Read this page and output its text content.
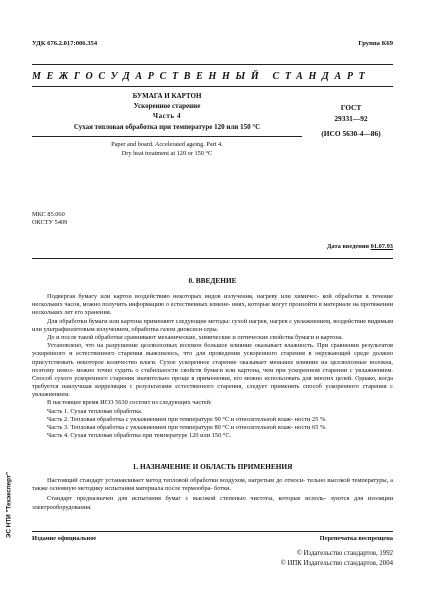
УДК 676.2.017:006.354	Группа К69
МЕЖГОСУДАРСТВЕННЫЙ СТАНДАРТ
БУМАГА И КАРТОН
Ускоренное старение
Часть 4
Сухая тепловая обработка при температуре 120 или 150 °С
ГОСТ
29331—92
(ИСО 5630-4—86)
Paper and board. Accelerated ageing. Part 4.
Dry heat treatment at 120 or 150 °C
МКС 85.060
ОКСТУ 5409
Дата введения 01.07.93
0. ВВЕДЕНИЕ

Подвергая бумагу или картон воздействию некоторых видов излучения, нагреву или химичес- кой обработке в течение нескольких часов, можно получить информацию о естественных измене- ниях, которые могут произойти в материале на протяжении нескольких лет его хранения.

Для обработки бумаги или картона применяют следующие методы: сухой нагрев, нагрев с увлажнением, воздействие видимым или ультрафиолетовым излучением, обработка газом диоксиси серы.

До и после такой обработки сравнивают механические, химические и оптические свойства бумаги и картона.

Установлено, что на разрушение целлюлозных волокон большое влияние оказывает влажность. При сравнении результатов ускоренного и естественного старения выяснилось, что для проведения ускоренного старения в окружающей среде должно присутствовать некоторое количество влаги. Сухое ускоренное старение оказывает меньшее влияние на целлюлозные волокна, поэтому невоз- можно точно судить о стабильности свойств бумаги или картона, чем при ускоренном старении с увлажнением. Способ сухого ускоренного старения значительно проще в применении, его можно использовать для многих целей. Однако, когда требуется наилучшая корреляция с результатами естественного старения, следует применять способ ускоренного старения с увлажнением.

В настоящее время ИСО 5630 состоит из следующих частей:

Часть 1. Сухая тепловая обработка.

Часть 2. Тепловая обработка с увлажнением при температуре 90 °С и относительной влаж- ности 25 %.

Часть 3. Тепловая обработка с увлажнением при температуре 80 °С и относительной влаж- ности 65 %.

Часть 4. Сухая тепловая обработка при температуре 120 или 150 °С.

1. НАЗНАЧЕНИЕ И ОБЛАСТЬ ПРИМЕНЕНИЯ

Настоящий стандарт устанавливает метод тепловой обработки воздухом, нагретым до относи- тельно высокой температуры, а также основную методику испытания материала после термообра- ботки.

Стандарт предназначен для испытания бумаг с высокой степенью чистоты, которые исполь- зуются для изоляции электрооборудования.

Издание официальное	Перепечатка воспрещена
© Издательство стандартов, 1992
© ИПК Издательство стандартов, 2004
ЭС НТИ "Техэксперт"
